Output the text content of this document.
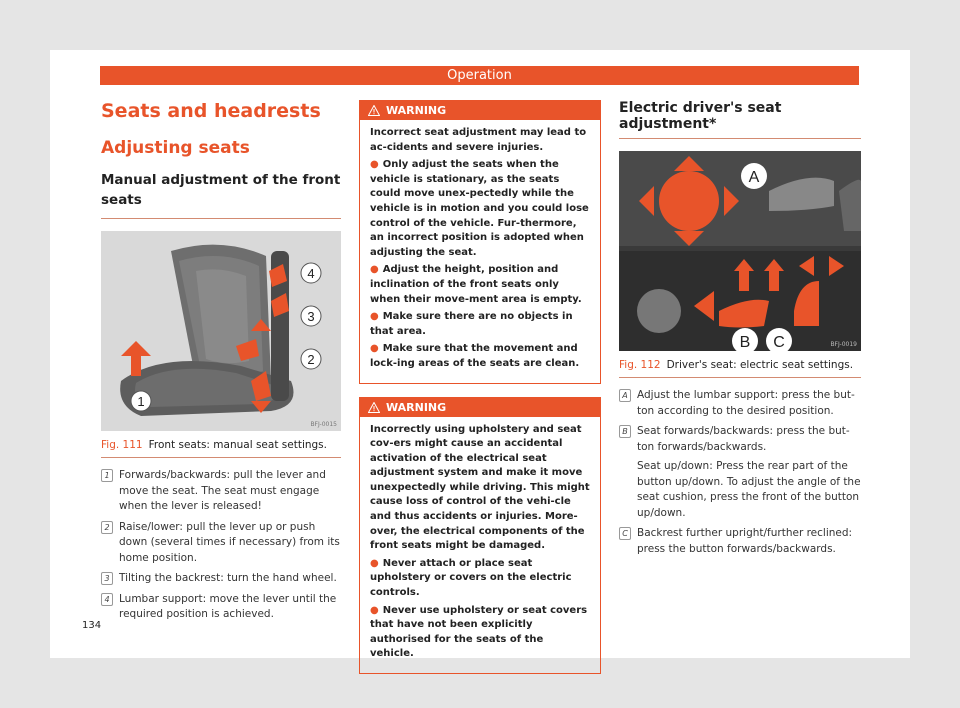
Operation
Seats and headrests
Adjusting seats
Manual adjustment of the front seats
1
2
3
4
BFJ-0015
Fig. 111 Front seats: manual seat settings.
1 Forwards/backwards: pull the lever and move the seat. The seat must engage when the lever is released!
2 Raise/lower: pull the lever up or push down (several times if necessary) from its home position.
3 Tilting the backrest: turn the hand wheel.
4 Lumbar support: move the lever until the required position is achieved.
WARNING

Incorrect seat adjustment may lead to ac-cidents and severe injuries.

● Only adjust the seats when the vehicle is stationary, as the seats could move unex-pectedly while the vehicle is in motion and you could lose control of the vehicle. Fur-thermore, an incorrect position is adopted when adjusting the seat.

● Adjust the height, position and inclination of the front seats only when their move-ment area is empty.

● Make sure there are no objects in that area.

● Make sure that the movement and lock-ing areas of the seats are clean.

WARNING

Incorrectly using upholstery and seat cov-ers might cause an accidental activation of the electrical seat adjustment system and make it move unexpectedly while driving. This might cause loss of control of the vehi-cle and thus accidents or injuries. More-over, the electrical components of the front seats might be damaged.

● Never attach or place seat upholstery or covers on the electric controls.

● Never use upholstery or seat covers that have not been explicitly authorised for the seats of the vehicle.

Electric driver's seat adjustment*
A
B C	BFJ-0019
Fig. 112 Driver's seat: electric seat settings.
A Adjust the lumbar support: press the but-ton according to the desired position.
B Seat forwards/backwards: press the but-ton forwards/backwards.
Seat up/down: Press the rear part of the button up/down. To adjust the angle of the seat cushion, press the front of the button up/down.
C Backrest further upright/further reclined: press the button forwards/backwards.
134
